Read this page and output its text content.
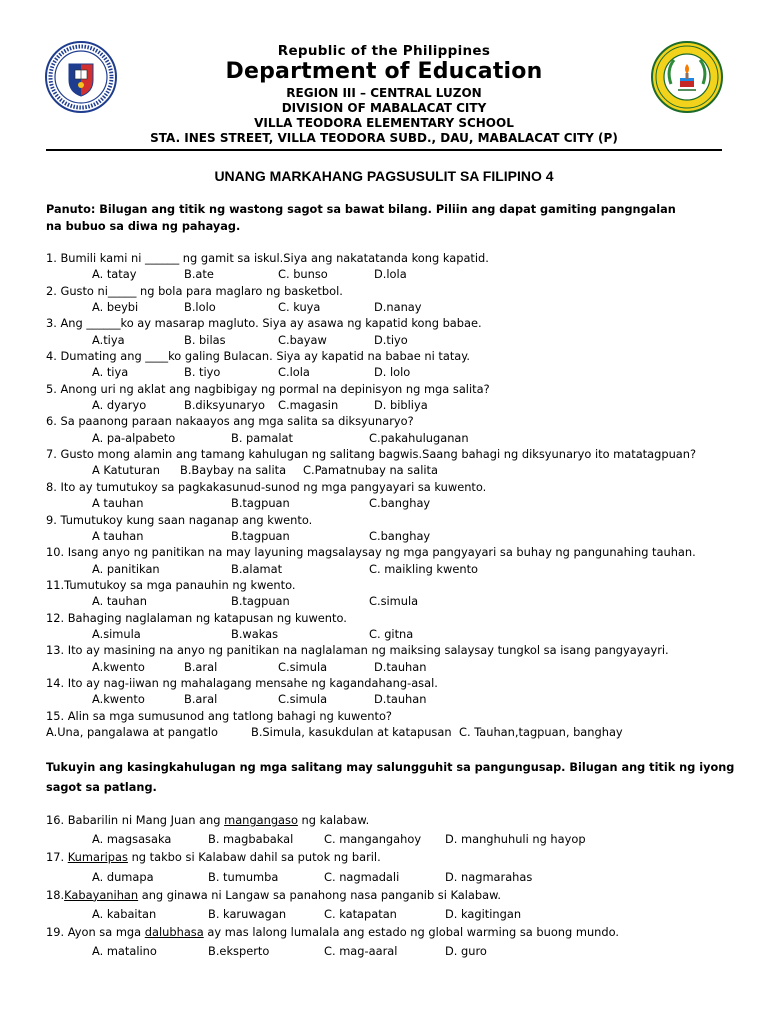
Republic of the Philippines
Department of Education
REGION III – CENTRAL LUZON
DIVISION OF MABALACAT CITY
VILLA TEODORA ELEMENTARY SCHOOL
STA. INES STREET, VILLA TEODORA SUBD., DAU, MABALACAT CITY (P)
UNANG MARKAHANG PAGSUSULIT SA FILIPINO 4
Panuto: Bilugan ang titik ng wastong sagot sa bawat bilang. Piliin ang dapat gamiting pangngalan na bubuo sa diwa ng pahayag.
1. Bumili kami ni ______ ng gamit sa iskul.Siya ang nakatatanda kong kapatid.
A. tatay	B.ate	C. bunso	D.lola
2. Gusto ni_____ ng bola para maglaro ng basketbol.
A. beybi	B.lolo	C. kuya	D.nanay
3. Ang ______ko ay masarap magluto. Siya ay asawa ng kapatid kong babae.
A.tiya	B. bilas	C.bayaw	D.tiyo
4. Dumating ang ____ko galing Bulacan. Siya ay kapatid na babae ni tatay.
A. tiya	B. tiyo	C.lola	D. lolo
5. Anong uri ng aklat ang nagbibigay ng pormal na depinisyon ng mga salita?
A. dyaryo	B.diksyunaryo C.magasin	D. bibliya
6. Sa paanong paraan nakaayos ang mga salita sa diksyunaryo?
A. pa-alpabeto	B. pamalat	C.pakahuluganan
7. Gusto mong alamin ang tamang kahulugan ng salitang bagwis.Saang bahagi ng diksyunaryo ito matatagpuan?
A Katuturan B.Baybay na salita C.Pamatnubay na salita
8. Ito ay tumutukoy sa pagkakasunud-sunod ng mga pangyayari sa kuwento.
A tauhan	B.tagpuan	C.banghay
9. Tumutukoy kung saan naganap ang kwento.
A tauhan	B.tagpuan	C.banghay
10. Isang anyo ng panitikan na may layuning magsalaysay ng mga pangyayari sa buhay ng pangunahing tauhan.
A. panitikan	B.alamat	C. maikling kwento
11.Tumutukoy sa mga panauhin ng kwento.
A. tauhan	B.tagpuan	C.simula
12. Bahaging naglalaman ng katapusan ng kuwento.
A.simula	B.wakas	C. gitna
13. Ito ay masining na anyo ng panitikan na naglalaman ng maiksing salaysay tungkol sa isang pangyayayri.
A.kwento	B.aral	C.simula	D.tauhan
14. Ito ay nag-iiwan ng mahalagang mensahe ng kagandahang-asal.
A.kwento	B.aral	C.simula	D.tauhan
15. Alin sa mga sumusunod ang tatlong bahagi ng kuwento?
A.Una, pangalawa at pangatlo	B.Simula, kasukdulan at katapusan C. Tauhan,tagpuan, banghay
Tukuyin ang kasingkahulugan ng mga salitang may salungguhit sa pangungusap. Bilugan ang titik ng iyong sagot sa patlang.
16. Babarilin ni Mang Juan ang mangangaso ng kalabaw.
A. magsasaka	B. magbabakal	C. mangangahoy D. manghuhuli ng hayop
17. Kumaripas ng takbo si Kalabaw dahil sa putok ng baril.
A. dumapa	B. tumumba	C. nagmadali	D. nagmarahas
18.Kabayanihan ang ginawa ni Langaw sa panahong nasa panganib si Kalabaw.
A. kabaitan	B. karuwagan	C. katapatan	D. kagitingan
19. Ayon sa mga dalubhasa ay mas lalong lumalala ang estado ng global warming sa buong mundo.
A. matalino	B.eksperto	C. mag-aaral	D. guro
